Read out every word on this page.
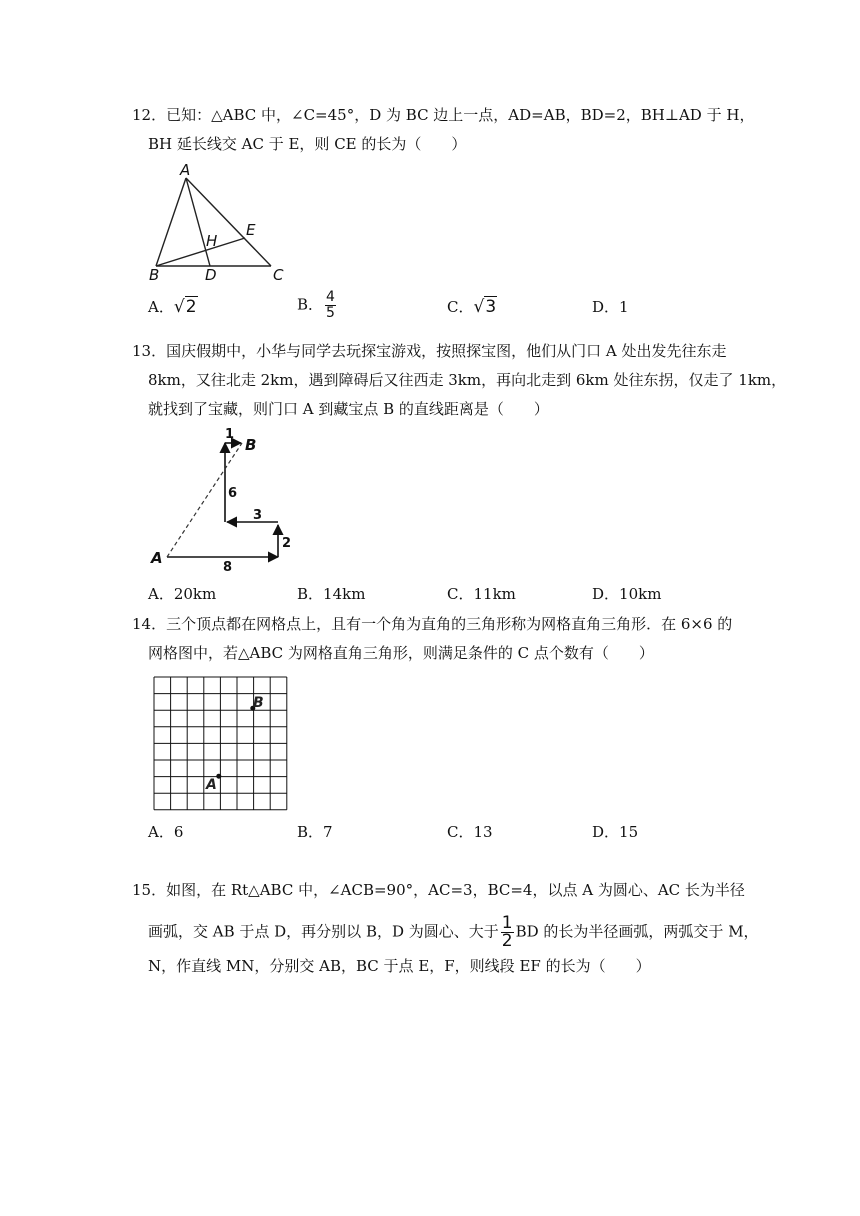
12．已知：△ABC 中，∠C=45°，D 为 BC 边上一点，AD=AB，BD=2，BH⊥AD 于 H，
BH 延长线交 AC 于 E，则 CE 的长为（　　）
A
B	C
D
E
H
A．√2	B． $\frac{4}{5}$	C．√3	D．1
13．国庆假期中，小华与同学去玩探宝游戏，按照探宝图，他们从门口 A 处出发先往东走
8km，又往北走 2km，遇到障碍后又往西走 3km，再向北走到 6km 处往东拐，仅走了 1km，
就找到了宝藏，则门口 A 到藏宝点 B 的直线距离是（　　）
8
2
3
6
1
A
B
A．20km	B．14km	C．11km	D．10km
14．三个顶点都在网格点上，且有一个角为直角的三角形称为网格直角三角形．在 6×6 的
网格图中，若△ABC 为网格直角三角形，则满足条件的 C 点个数有（　　）
B
A
A．6	B．7	C．13	D．15
15．如图，在 Rt△ABC 中，∠ACB=90°，AC=3，BC=4，以点 A 为圆心、AC 长为半径
画弧，交 AB 于点 D，再分别以 B，D 为圆心、大于 $\frac{1}{2}$ BD 的长为半径画弧，两弧交于 M，
N，作直线 MN，分别交 AB，BC 于点 E，F，则线段 EF 的长为（　　）
